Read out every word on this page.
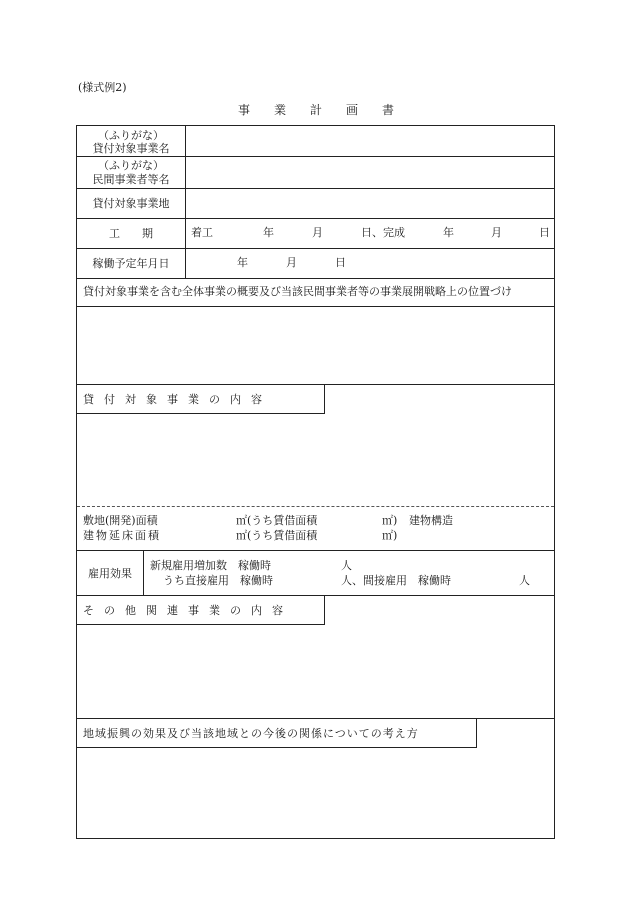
(様式例2)
事　業　計　画　書
（ふりがな）
貸付対象事業名
（ふりがな）
民間事業者等名
貸付対象事業地
工　　期	着工	年	月	日、完成	年	月	日
稼働予定年月日	年	月	日
貸付対象事業を含む全体事業の概要及び当該民間事業者等の事業展開戦略上の位置づけ
貸付対象事業の内容
敷地(開発)面積	㎡(うち賃借面積	㎡) 建物構造
建物延床面積	㎡(うち賃借面積	㎡)
雇用効果
新規雇用増加数　稼働時	人
うち直接雇用　稼働時	人、間接雇用　稼働時	人
その他関連事業の内容
地域振興の効果及び当該地域との今後の関係についての考え方
